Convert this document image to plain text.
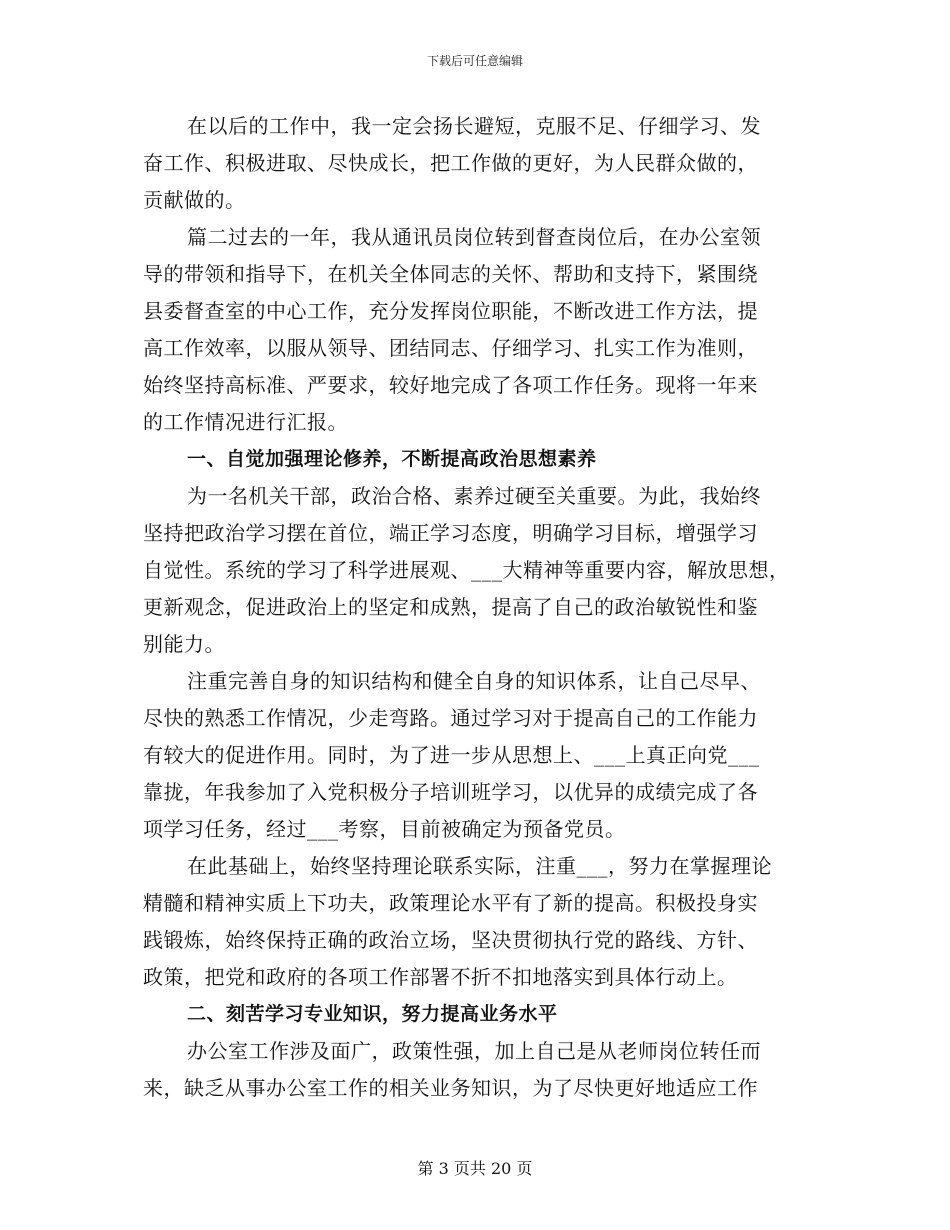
下载后可任意编辑
在以后的工作中，我一定会扬长避短，克服不足、仔细学习、发
奋工作、积极进取、尽快成长，把工作做的更好，为人民群众做的，
贡献做的。
篇二过去的一年，我从通讯员岗位转到督查岗位后，在办公室领
导的带领和指导下，在机关全体同志的关怀、帮助和支持下，紧围绕
县委督查室的中心工作，充分发挥岗位职能，不断改进工作方法，提
高工作效率，以服从领导、团结同志、仔细学习、扎实工作为准则，
始终坚持高标准、严要求，较好地完成了各项工作任务。现将一年来
的工作情况进行汇报。
一、自觉加强理论修养，不断提高政治思想素养
为一名机关干部，政治合格、素养过硬至关重要。为此，我始终
坚持把政治学习摆在首位，端正学习态度，明确学习目标，增强学习
自觉性。系统的学习了科学进展观、___大精神等重要内容，解放思想，
更新观念，促进政治上的坚定和成熟，提高了自己的政治敏锐性和鉴
别能力。
注重完善自身的知识结构和健全自身的知识体系，让自己尽早、
尽快的熟悉工作情况，少走弯路。通过学习对于提高自己的工作能力
有较大的促进作用。同时，为了进一步从思想上、___上真正向党___
靠拢，年我参加了入党积极分子培训班学习，以优异的成绩完成了各
项学习任务，经过___考察，目前被确定为预备党员。
在此基础上，始终坚持理论联系实际，注重___，努力在掌握理论
精髓和精神实质上下功夫，政策理论水平有了新的提高。积极投身实
践锻炼，始终保持正确的政治立场，坚决贯彻执行党的路线、方针、
政策，把党和政府的各项工作部署不折不扣地落实到具体行动上。
二、刻苦学习专业知识，努力提高业务水平
办公室工作涉及面广，政策性强，加上自己是从老师岗位转任而
来，缺乏从事办公室工作的相关业务知识，为了尽快更好地适应工作
第 3 页共 20 页
